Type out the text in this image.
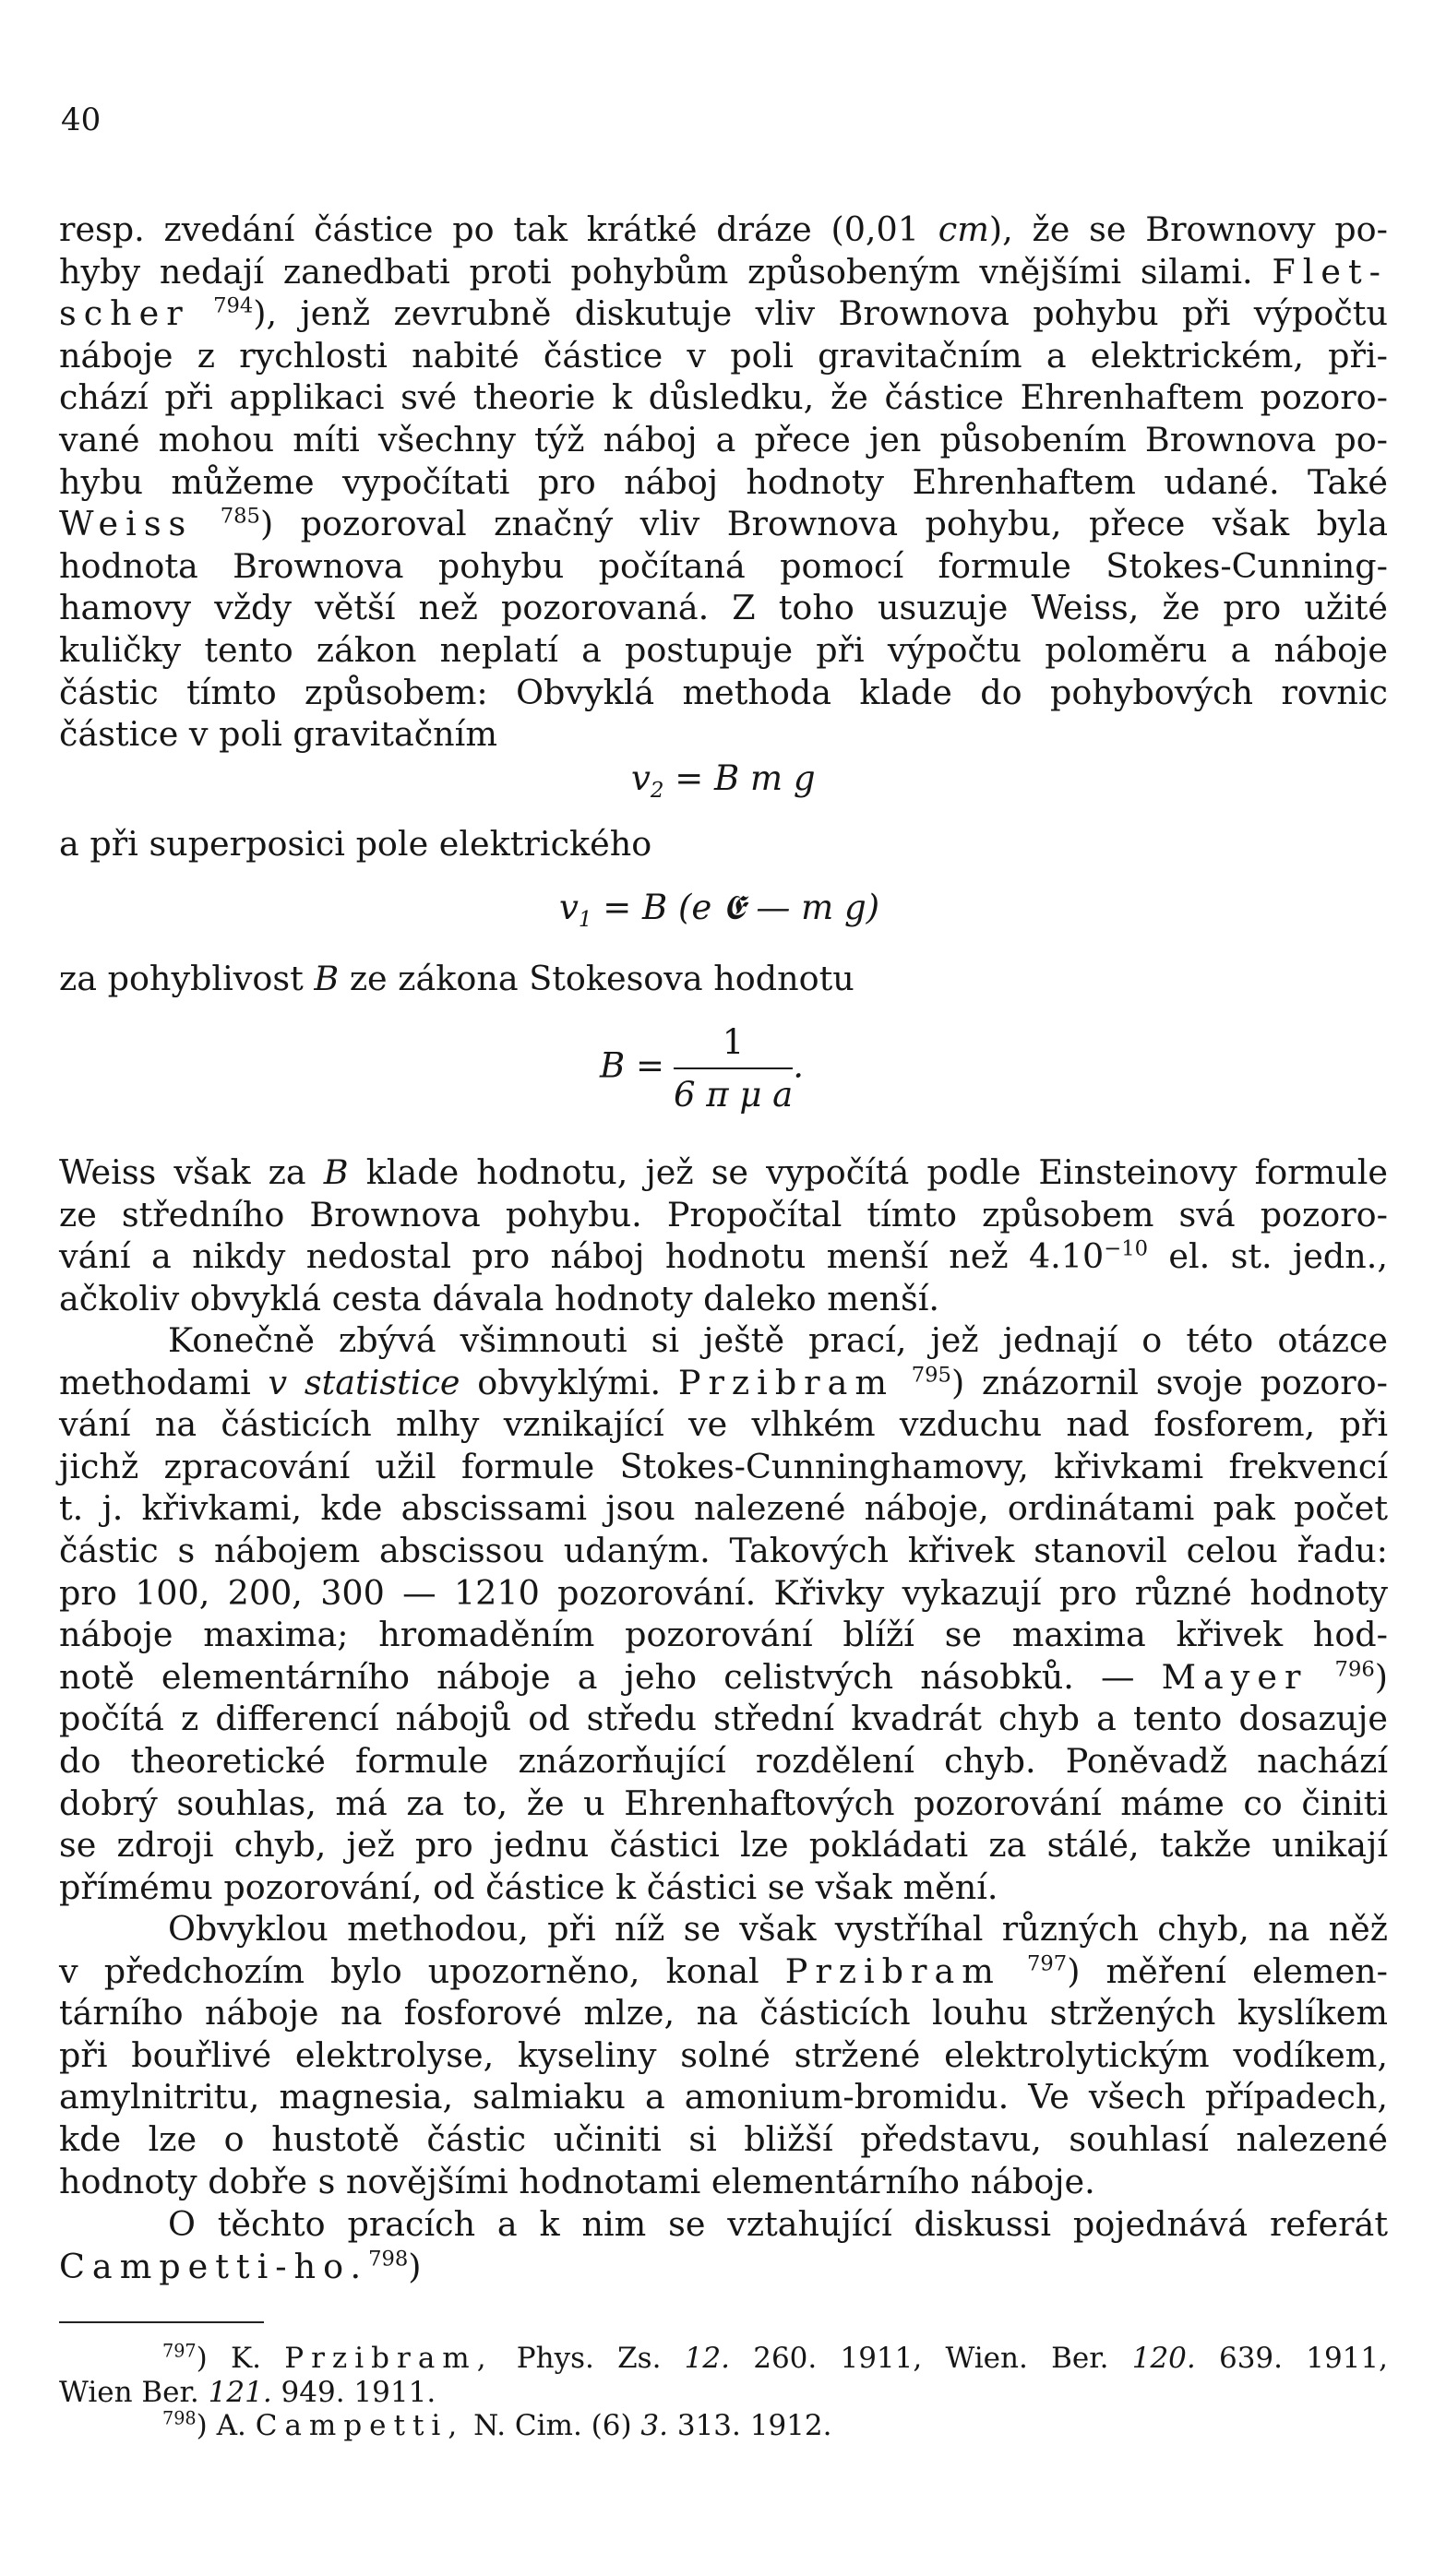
40

resp. zvedání částice po tak krátké dráze (0,01 cm), že se Brownovy po-

hyby nedají zanedbati proti pohybům způsobeným vnějšími silami. Flet-

scher $^{794}$), jenž zevrubně diskutuje vliv Brownova pohybu při výpočtu

náboje z rychlosti nabité částice v poli gravitačním a elektrickém, při-

chází při applikaci své theorie k důsledku, že částice Ehrenhaftem pozoro-

vané mohou míti všechny týž náboj a přece jen působením Brownova po-

hybu můžeme vypočítati pro náboj hodnoty Ehrenhaftem udané. Také

Weiss $^{785}$) pozoroval značný vliv Brownova pohybu, přece však byla

hodnota Brownova pohybu počítaná pomocí formule Stokes-Cunning-

hamovy vždy větší než pozorovaná. Z toho usuzuje Weiss, že pro užité

kuličky tento zákon neplatí a postupuje při výpočtu poloměru a náboje

částic tímto způsobem: Obvyklá methoda klade do pohybových rovnic

částice v poli gravitačním

$v_2 = B$ m g

a při superposici pole elektrického

$v_1 = B$ (e 𝕰 — m g)

za pohyblivost B ze zákona Stokesova hodnotu

$B = \frac{1}{\text{6 π μ a}}$ .

Weiss však za B klade hodnotu, jež se vypočítá podle Einsteinovy formule

ze středního Brownova pohybu. Propočítal tímto způsobem svá pozoro-

vání a nikdy nedostal pro náboj hodnotu menší než $4.10^{-10}$ el. st. jedn.,

ačkoliv obvyklá cesta dávala hodnoty daleko menší.

Konečně zbývá všimnouti si ještě prací, jež jednají o této otázce

methodami v statistice obvyklými. Przibram $^{795}$) znázornil svoje pozoro-

vání na částicích mlhy vznikající ve vlhkém vzduchu nad fosforem, při

jichž zpracování užil formule Stokes-Cunninghamovy, křivkami frekvencí

t. j. křivkami, kde abscissami jsou nalezené náboje, ordinátami pak počet

částic s nábojem abscissou udaným. Takových křivek stanovil celou řadu:

pro 100, 200, 300 — 1210 pozorování. Křivky vykazují pro různé hodnoty

náboje maxima; hromaděním pozorování blíží se maxima křivek hod-

notě elementárního náboje a jeho celistvých násobků. — Mayer $^{796}$)

počítá z differencí nábojů od středu střední kvadrát chyb a tento dosazuje

do theoretické formule znázorňující rozdělení chyb. Poněvadž nachází

dobrý souhlas, má za to, že u Ehrenhaftových pozorování máme co činiti

se zdroji chyb, jež pro jednu částici lze pokládati za stálé, takže unikají

přímému pozorování, od částice k částici se však mění.

Obvyklou methodou, při níž se však vystříhal různých chyb, na něž

v předchozím bylo upozorněno, konal Przibram $^{797}$) měření elemen-

tárního náboje na fosforové mlze, na částicích louhu stržených kyslíkem

při bouřlivé elektrolyse, kyseliny solné stržené elektrolytickým vodíkem,

amylnitritu, magnesia, salmiaku a amonium-bromidu. Ve všech případech,

kde lze o hustotě částic učiniti si bližší představu, souhlasí nalezené

hodnoty dobře s novějšími hodnotami elementárního náboje.

O těchto pracích a k nim se vztahující diskussi pojednává referát

Campetti-ho.$^{798}$)

$^{797}$) K. Przibram, Phys. Zs. 12. 260. 1911, Wien. Ber. 120. 639. 1911,

Wien Ber. 121. 949. 1911.

$^{798}$) A. Campetti, N. Cim. (6) 3. 313. 1912.
